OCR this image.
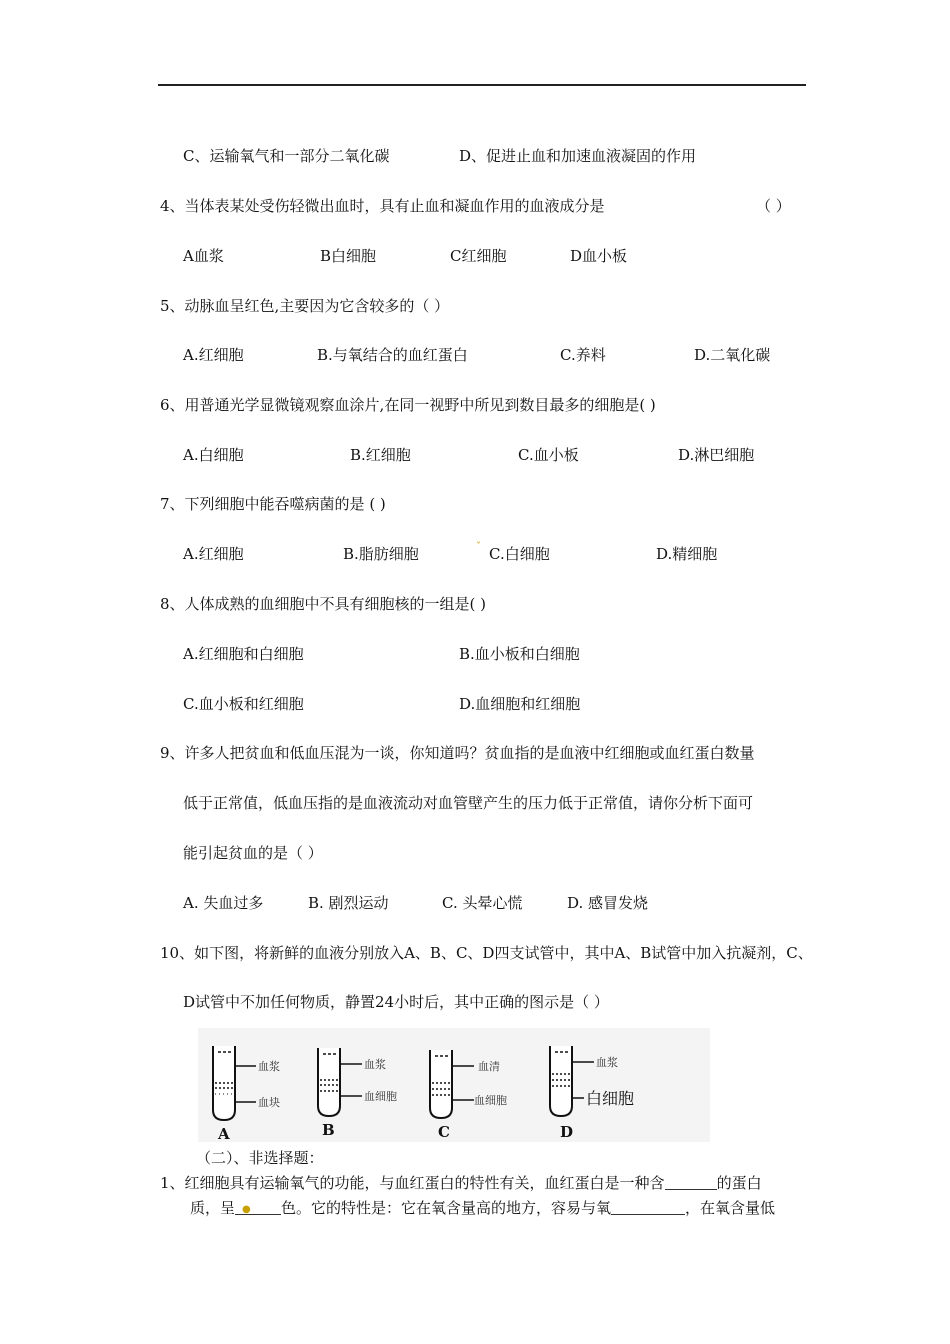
C、运输氧气和一部分二氧化碳	D、促进止血和加速血液凝固的作用
4、当体表某处受伤轻微出血时，具有止血和凝血作用的血液成分是	（ ）
A血浆	B白细胞	C红细胞	D血小板
5、动脉血呈红色,主要因为它含较多的（ ）
A.红细胞	B.与氧结合的血红蛋白	C.养料	D.二氧化碳
6、用普通光学显微镜观察血涂片,在同一视野中所见到数目最多的细胞是( )
A.白细胞	B.红细胞	C.血小板	D.淋巴细胞
7、下列细胞中能吞噬病菌的是 ( )
A.红细胞	B.脂肪细胞	ˇ C.白细胞	D.精细胞
8、人体成熟的血细胞中不具有细胞核的一组是( )
A.红细胞和白细胞	B.血小板和白细胞
C.血小板和红细胞	D.血细胞和红细胞
9、许多人把贫血和低血压混为一谈，你知道吗？贫血指的是血液中红细胞或血红蛋白数量
低于正常值，低血压指的是血液流动对血管壁产生的压力低于正常值，请你分析下面可
能引起贫血的是（ ）
A. 失血过多	B. 剧烈运动	C. 头晕心慌	D. 感冒发烧
10、如下图，将新鲜的血液分别放入A、B、C、D四支试管中，其中A、B试管中加入抗凝剂，C、
D试管中不加任何物质，静置24小时后，其中正确的图示是（ ）
血浆
血块
A
血浆
血细胞
B
血清
血细胞
C
血浆
白细胞
D
（二）、非选择题：
1、红细胞具有运输氧气的功能，与血红蛋白的特性有关，血红蛋白是一种含	的蛋白
质，呈	色。它的特性是：它在氧含量高的地方，容易与氧	，在氧含量低
●
